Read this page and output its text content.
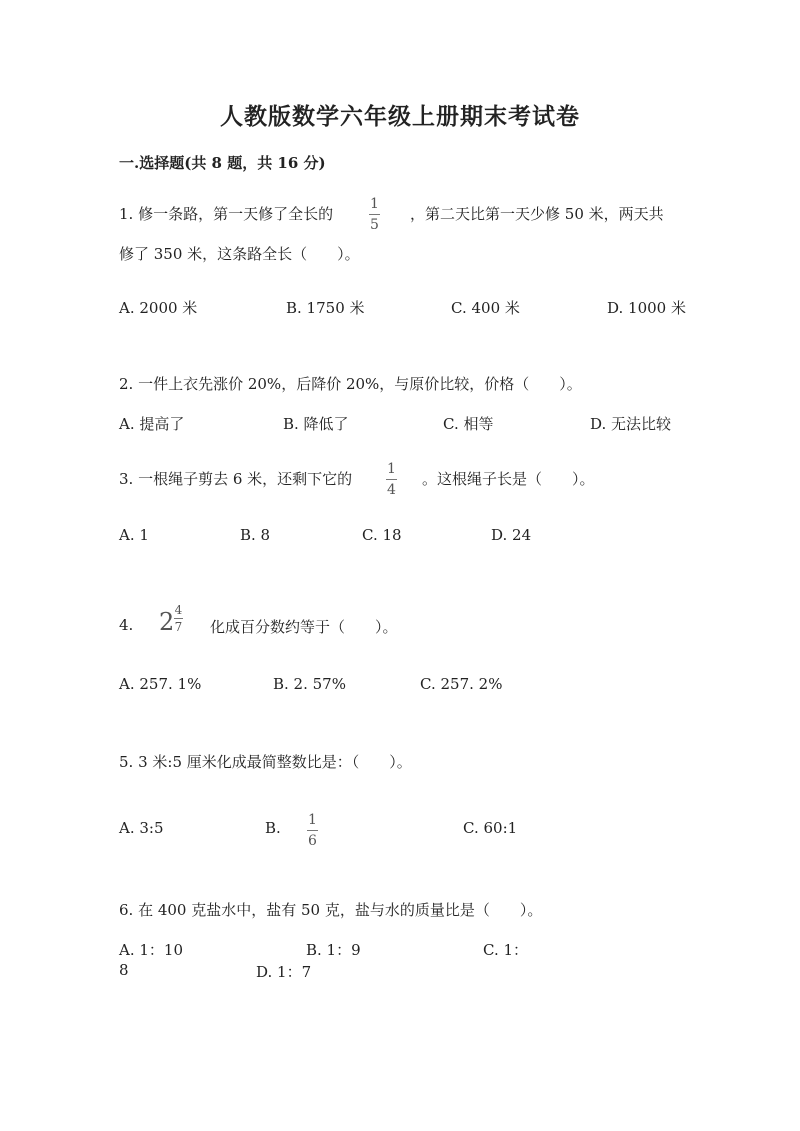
人教版数学六年级上册期末考试卷
一.选择题(共 8 题，共 16 分)
1. 修一条路，第一天修了全长的
1
5
，第二天比第一天少修 50 米，两天共
修了 350 米，这条路全长（　　）。
A. 2000 米	B. 1750 米	C. 400 米	D. 1000 米
2. 一件上衣先涨价 20%，后降价 20%，与原价比较，价格（　　）。
A. 提高了	B. 降低了	C. 相等	D. 无法比较
3. 一根绳子剪去 6 米，还剩下它的
1
4
。这根绳子长是（　　）。
A. 1	B. 8	C. 18	D. 24
4. 2 4
7 化成百分数约等于（　　）。
A. 257. 1%	B. 2. 57%	C. 257. 2%
5. 3 米:5 厘米化成最简整数比是：（　　）。
A. 3:5	B. 1
6
C. 60:1
6. 在 400 克盐水中，盐有 50 克，盐与水的质量比是（　　）。
A. 1：10	B. 1：9	C. 1：
8	D. 1：7
